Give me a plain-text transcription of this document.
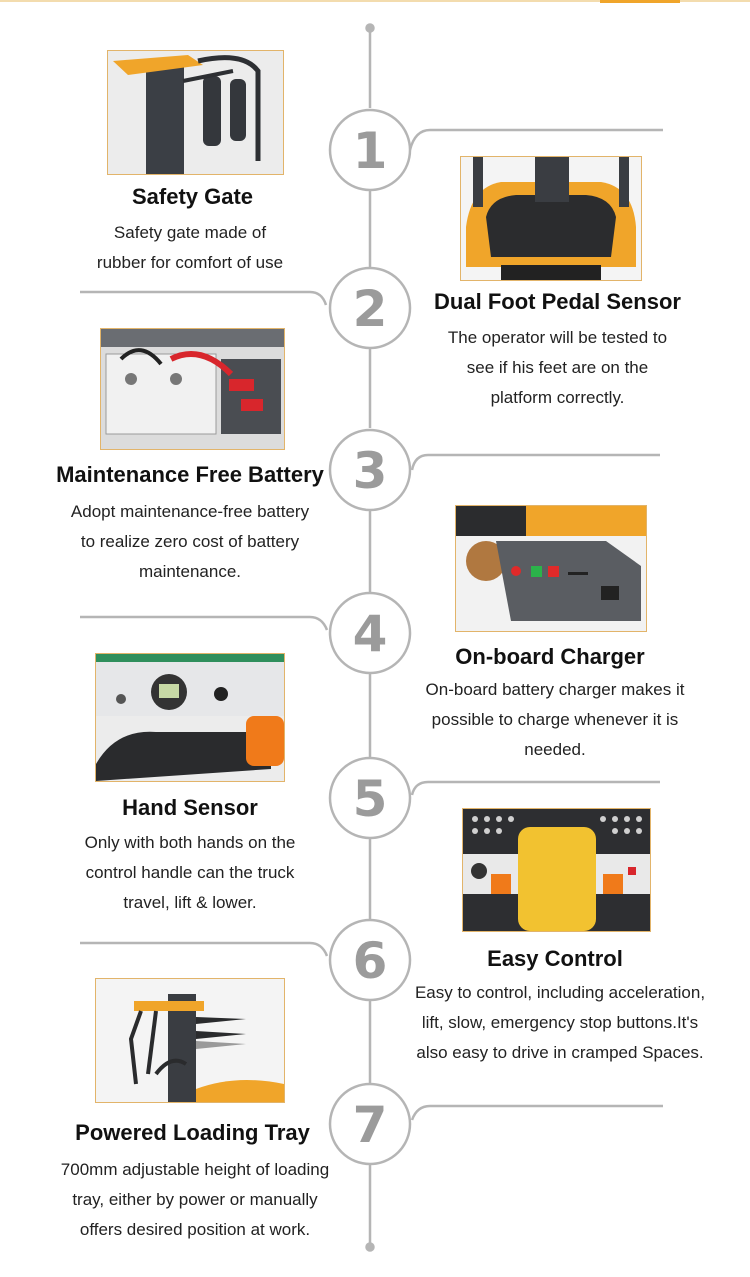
1
2
3
4
5
6
7
Safety Gate
Safety gate made of
rubber for comfort of use
Dual Foot Pedal Sensor
The operator will be tested to
see if his feet are on the
platform correctly.
Maintenance Free Battery
Adopt maintenance-free battery
to realize zero cost of battery
maintenance.
On-board Charger
On-board battery charger makes it
possible to charge whenever it is
needed.
Hand Sensor
Only with both hands on the
control handle can the truck
travel, lift & lower.
Easy Control
Easy to control, including acceleration,
lift, slow, emergency stop buttons.It's
also easy to drive in cramped Spaces.
Powered Loading Tray
700mm adjustable height of loading
tray, either by power or manually
offers desired position at work.
